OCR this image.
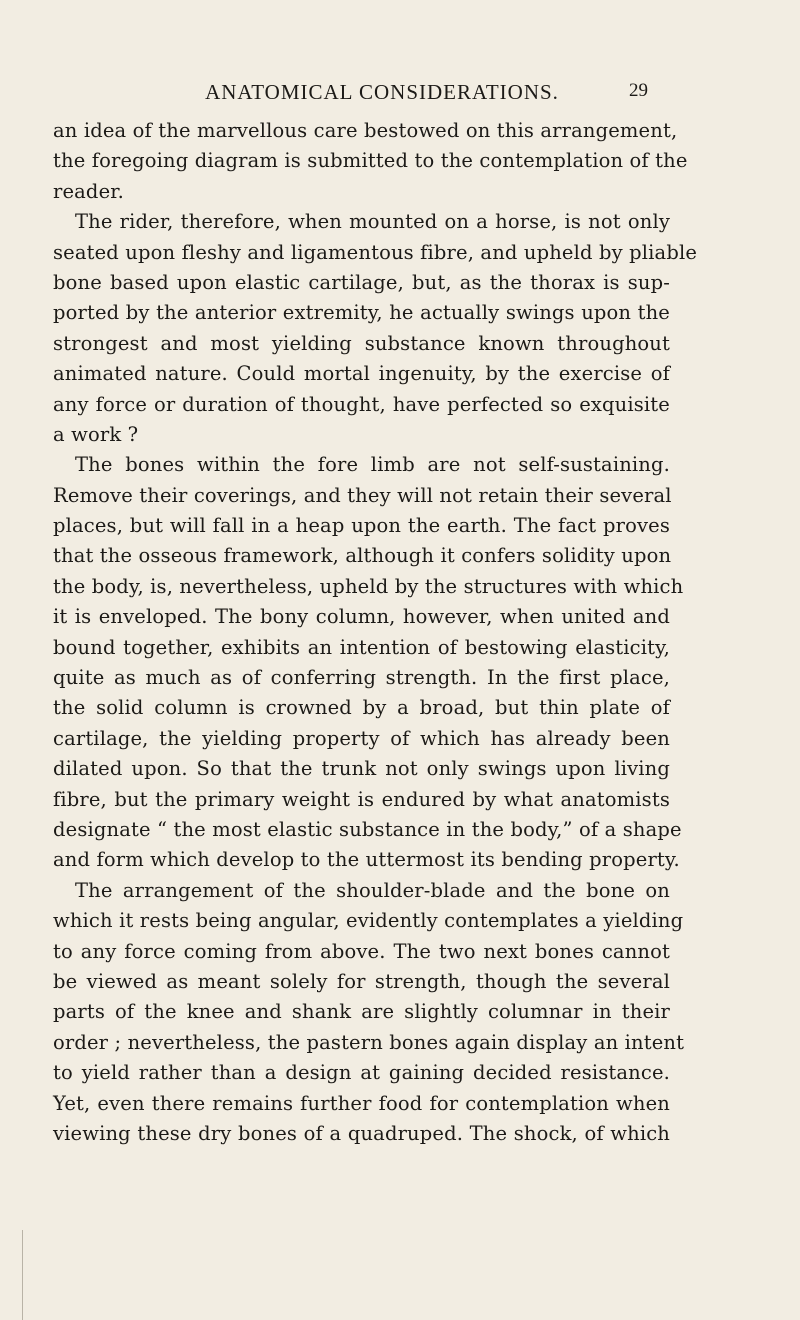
ANATOMICAL CONSIDERATIONS.	29
an idea of the marvellous care bestowed on this arrangement,
the foregoing diagram is submitted to the contemplation of the
reader.
The rider, therefore, when mounted on a horse, is not only
seated upon fleshy and ligamentous fibre, and upheld by pliable
bone based upon elastic cartilage, but, as the thorax is sup-
ported by the anterior extremity, he actually swings upon the
strongest and most yielding substance known throughout
animated nature. Could mortal ingenuity, by the exercise of
any force or duration of thought, have perfected so exquisite
a work ?
The bones within the fore limb are not self-sustaining.
Remove their coverings, and they will not retain their several
places, but will fall in a heap upon the earth. The fact proves
that the osseous framework, although it confers solidity upon
the body, is, nevertheless, upheld by the structures with which
it is enveloped. The bony column, however, when united and
bound together, exhibits an intention of bestowing elasticity,
quite as much as of conferring strength. In the first place,
the solid column is crowned by a broad, but thin plate of
cartilage, the yielding property of which has already been
dilated upon. So that the trunk not only swings upon living
fibre, but the primary weight is endured by what anatomists
designate “ the most elastic substance in the body,” of a shape
and form which develop to the uttermost its bending property.
The arrangement of the shoulder-blade and the bone on
which it rests being angular, evidently contemplates a yielding
to any force coming from above. The two next bones cannot
be viewed as meant solely for strength, though the several
parts of the knee and shank are slightly columnar in their
order ; nevertheless, the pastern bones again display an intent
to yield rather than a design at gaining decided resistance.
Yet, even there remains further food for contemplation when
viewing these dry bones of a quadruped. The shock, of which
